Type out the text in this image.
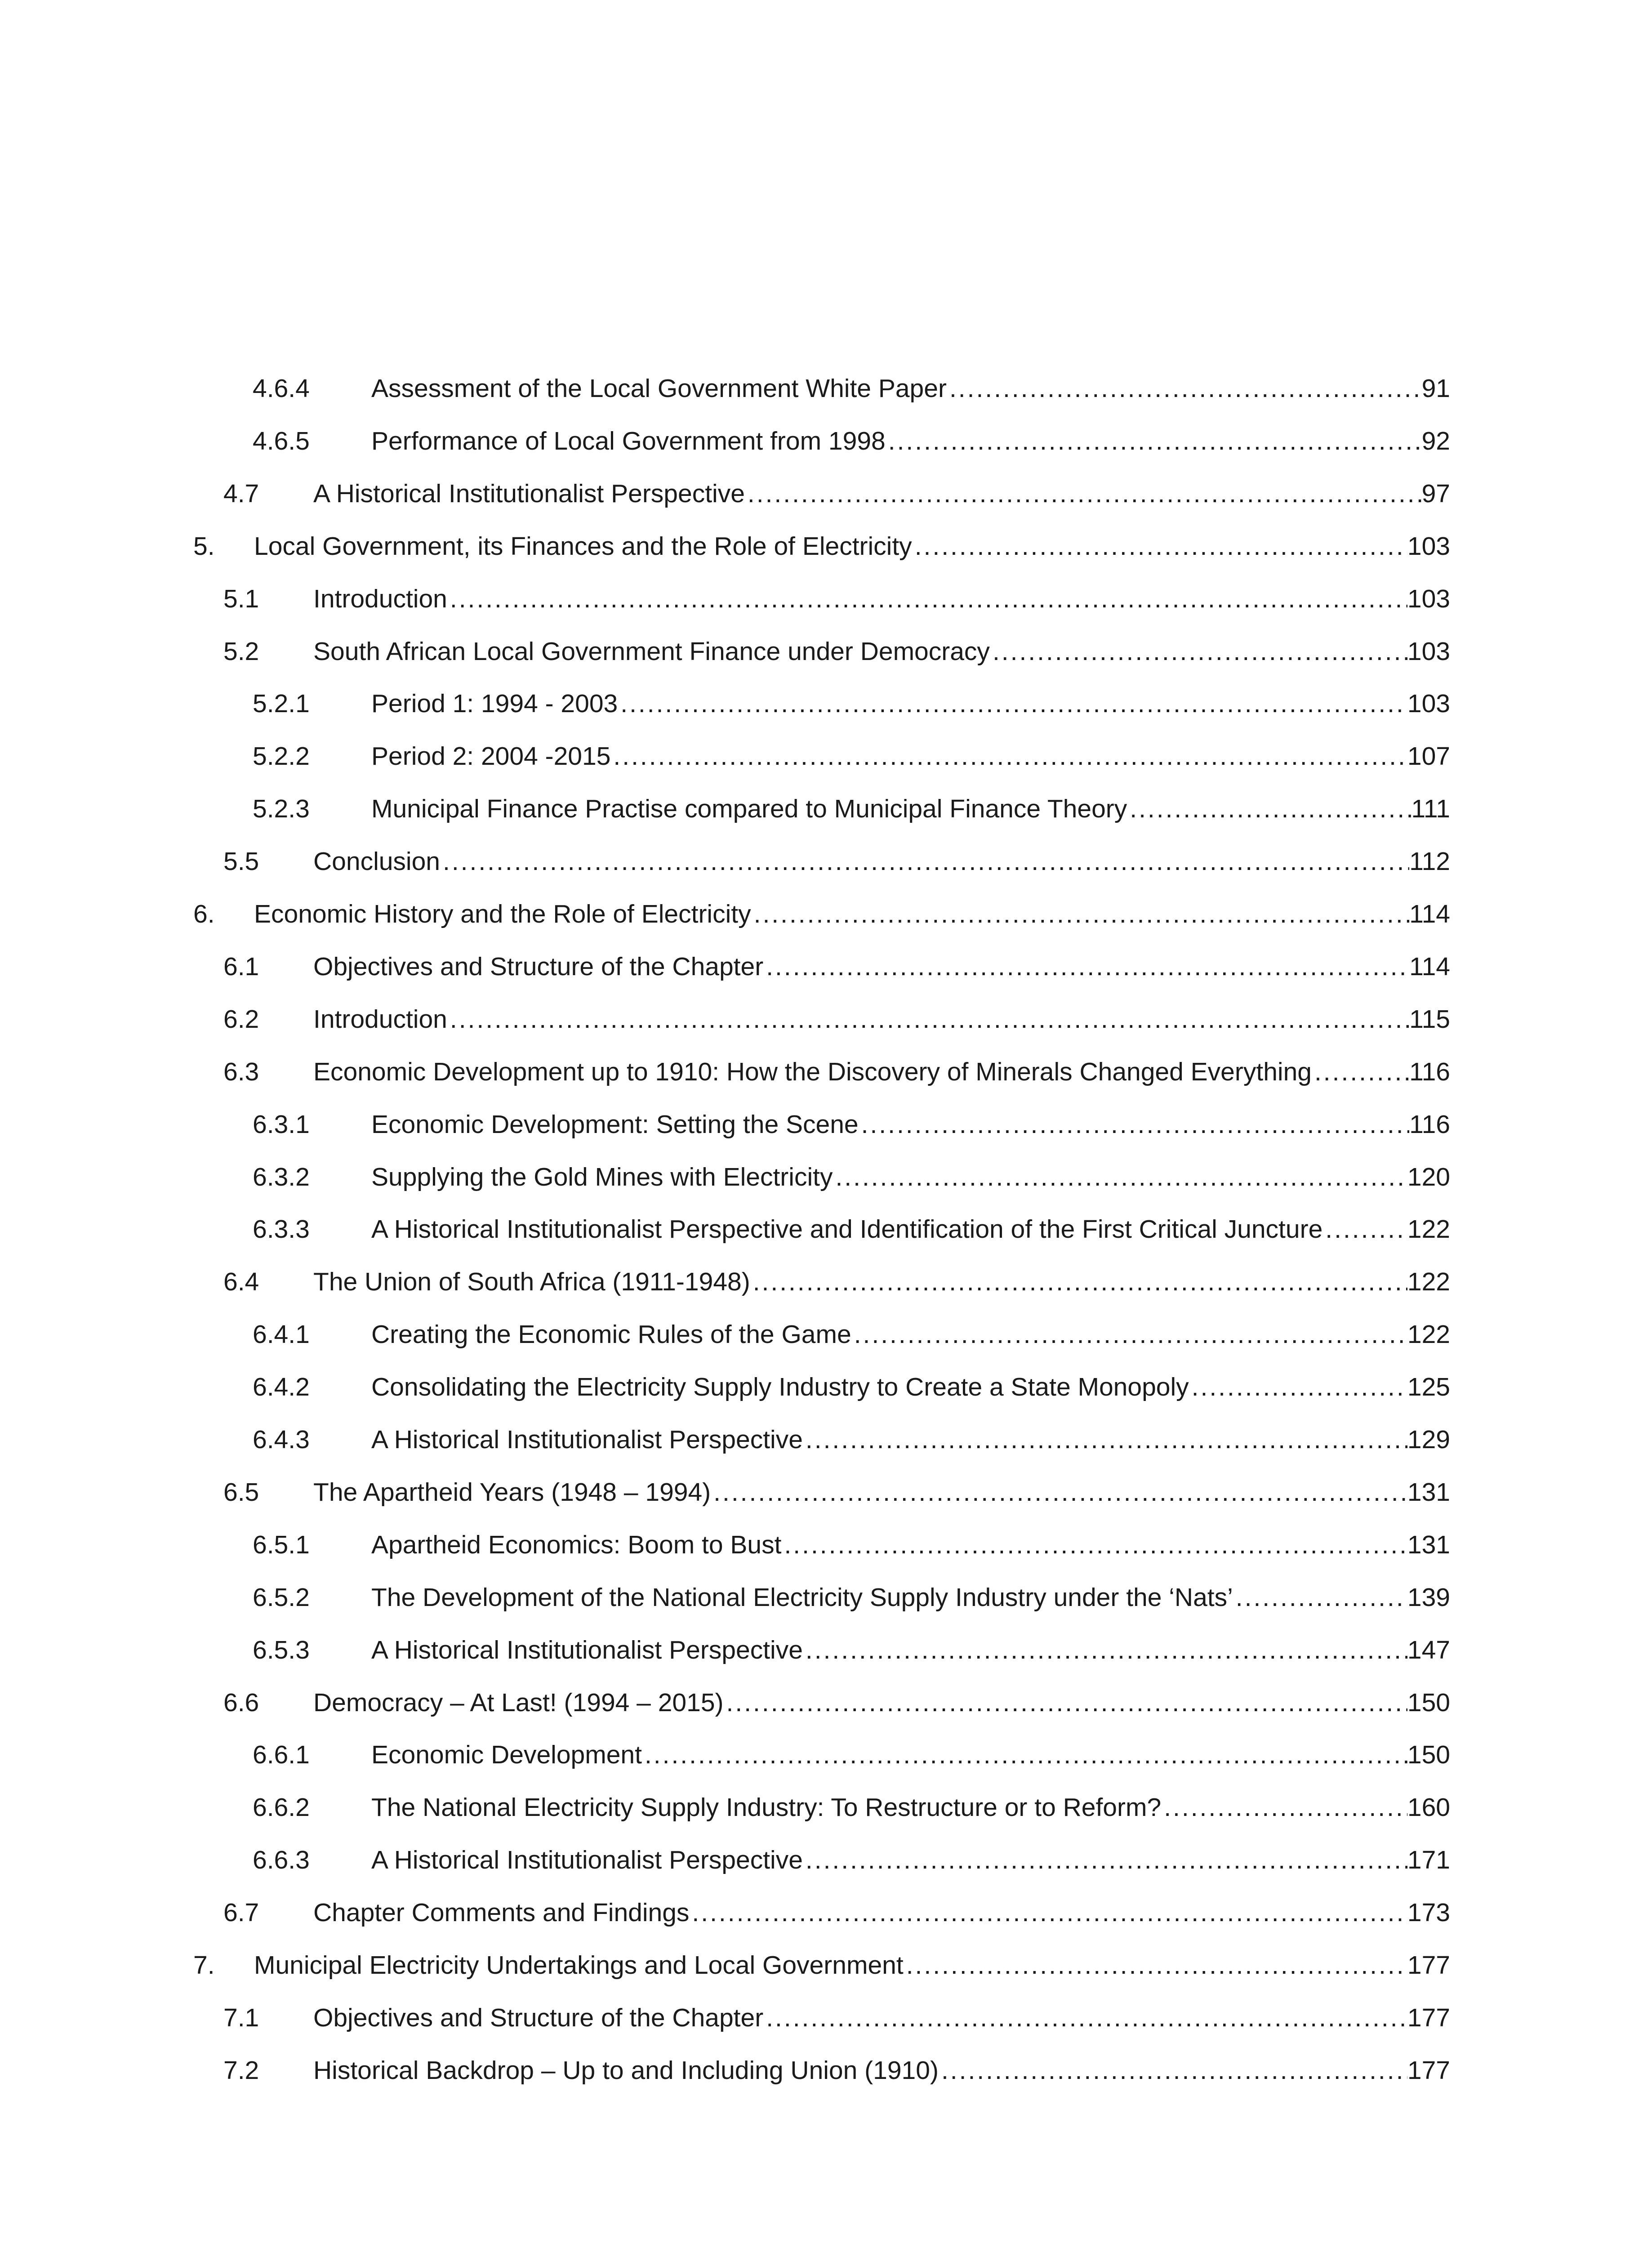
4.6.4 Assessment of the Local Government White Paper .....	91
4.6.5 Performance of Local Government from 1998 .....	92
4.7 A Historical Institutionalist Perspective .....	97
5. Local Government, its Finances and the Role of Electricity .....	103
5.1 Introduction .....	103
5.2 South African Local Government Finance under Democracy .....	103
5.2.1 Period 1: 1994 - 2003 .....	103
5.2.2 Period 2: 2004 -2015 .....	107
5.2.3 Municipal Finance Practise compared to Municipal Finance Theory .....	111
5.5 Conclusion .....	112
6. Economic History and the Role of Electricity .....	114
6.1 Objectives and Structure of the Chapter .....	114
6.2 Introduction .....	115
6.3 Economic Development up to 1910: How the Discovery of Minerals Changed Everything .....	116
6.3.1 Economic Development: Setting the Scene .....	116
6.3.2 Supplying the Gold Mines with Electricity .....	120
6.3.3 A Historical Institutionalist Perspective and Identification of the First Critical Juncture .....	122
6.4 The Union of South Africa (1911-1948) .....	122
6.4.1 Creating the Economic Rules of the Game .....	122
6.4.2 Consolidating the Electricity Supply Industry to Create a State Monopoly .....	125
6.4.3 A Historical Institutionalist Perspective .....	129
6.5 The Apartheid Years (1948 – 1994) .....	131
6.5.1 Apartheid Economics: Boom to Bust .....	131
6.5.2 The Development of the National Electricity Supply Industry under the ‘Nats’ .....	139
6.5.3 A Historical Institutionalist Perspective .....	147
6.6 Democracy – At Last! (1994 – 2015) .....	150
6.6.1 Economic Development .....	150
6.6.2 The National Electricity Supply Industry: To Restructure or to Reform? .....	160
6.6.3 A Historical Institutionalist Perspective .....	171
6.7 Chapter Comments and Findings .....	173
7. Municipal Electricity Undertakings and Local Government .....	177
7.1 Objectives and Structure of the Chapter .....	177
7.2 Historical Backdrop – Up to and Including Union (1910) .....	177
